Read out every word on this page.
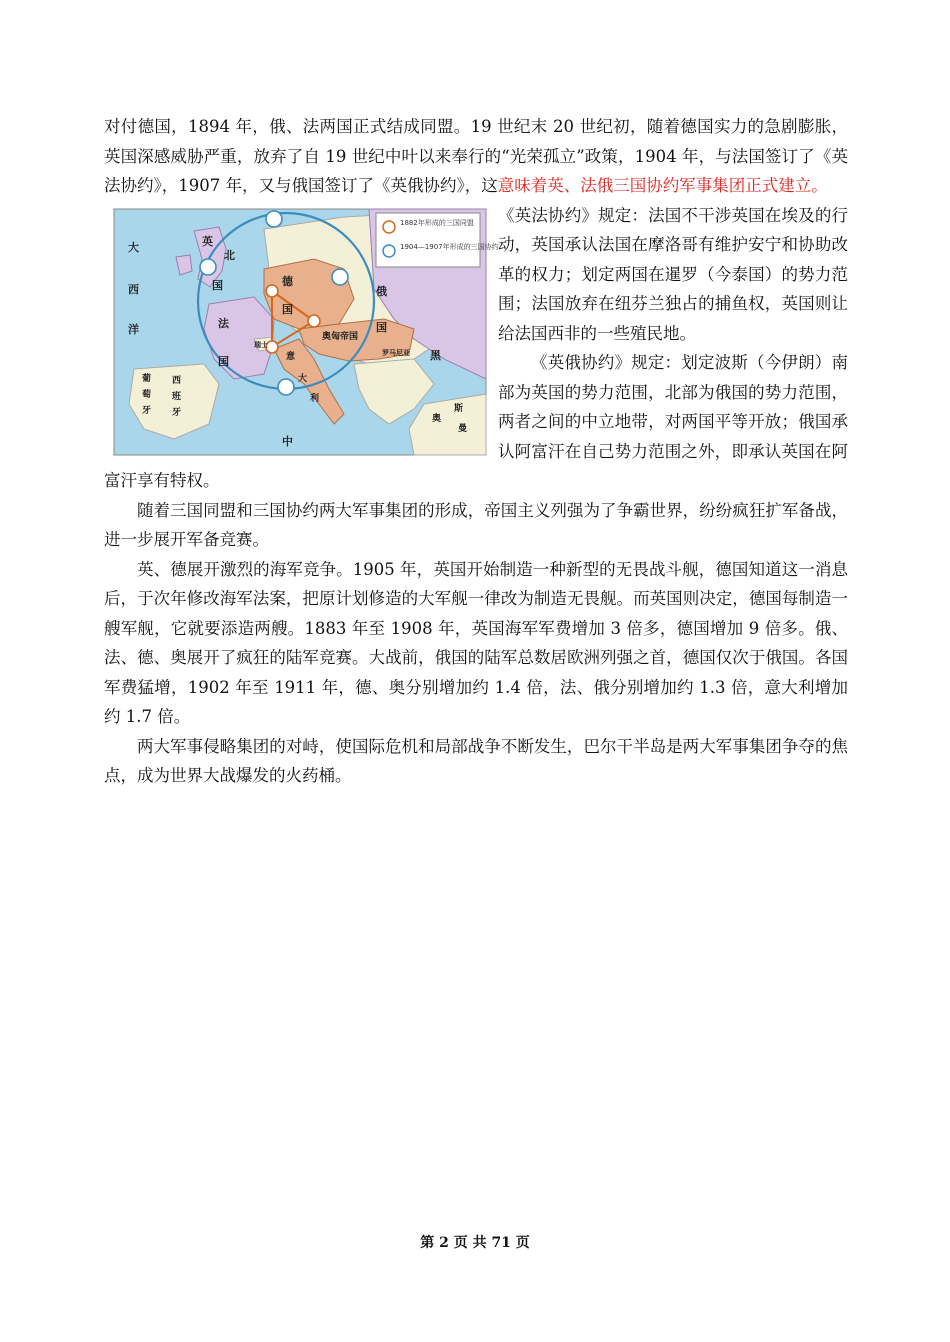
对付德国，1894 年，俄、法两国正式结成同盟。19 世纪末 20 世纪初，随着德国实力的急剧膨胀，英国深感威胁严重，放弃了自 19 世纪中叶以来奉行的“光荣孤立”政策，1904 年，与法国签订了《英法协约》，1907 年，又与俄国签订了《英俄协约》，这意味着英、法俄三国协约军事集团正式建立。

1882年形成的三国同盟
1904—1907年形成的三国协约
大
西
洋
英
北
国
法
国
德
国
俄
国
奥匈帝国
意
大
利
西
班
牙
葡
萄
牙
瑞士
罗马尼亚 黑
奥
斯
曼
中

《英法协约》规定：法国不干涉英国在埃及的行动，英国承认法国在摩洛哥有维护安宁和协助改革的权力；划定两国在暹罗（今泰国）的势力范围；法国放弃在纽芬兰独占的捕鱼权，英国则让给法国西非的一些殖民地。

《英俄协约》规定：划定波斯（今伊朗）南部为英国的势力范围，北部为俄国的势力范围，两者之间的中立地带，对两国平等开放；俄国承认阿富汗在自己势力范围之外，即承认英国在阿富汗享有特权。

随着三国同盟和三国协约两大军事集团的形成，帝国主义列强为了争霸世界，纷纷疯狂扩军备战，进一步展开军备竞赛。

英、德展开激烈的海军竞争。1905 年，英国开始制造一种新型的无畏战斗舰，德国知道这一消息后，于次年修改海军法案，把原计划修造的大军舰一律改为制造无畏舰。而英国则决定，德国每制造一艘军舰，它就要添造两艘。1883 年至 1908 年，英国海军军费增加 3 倍多，德国增加 9 倍多。俄、法、德、奥展开了疯狂的陆军竞赛。大战前，俄国的陆军总数居欧洲列强之首，德国仅次于俄国。各国军费猛增，1902 年至 1911 年，德、奥分别增加约 1.4 倍，法、俄分别增加约 1.3 倍，意大利增加约 1.7 倍。

两大军事侵略集团的对峙，使国际危机和局部战争不断发生，巴尔干半岛是两大军事集团争夺的焦点，成为世界大战爆发的火药桶。

第 2 页 共 71 页
